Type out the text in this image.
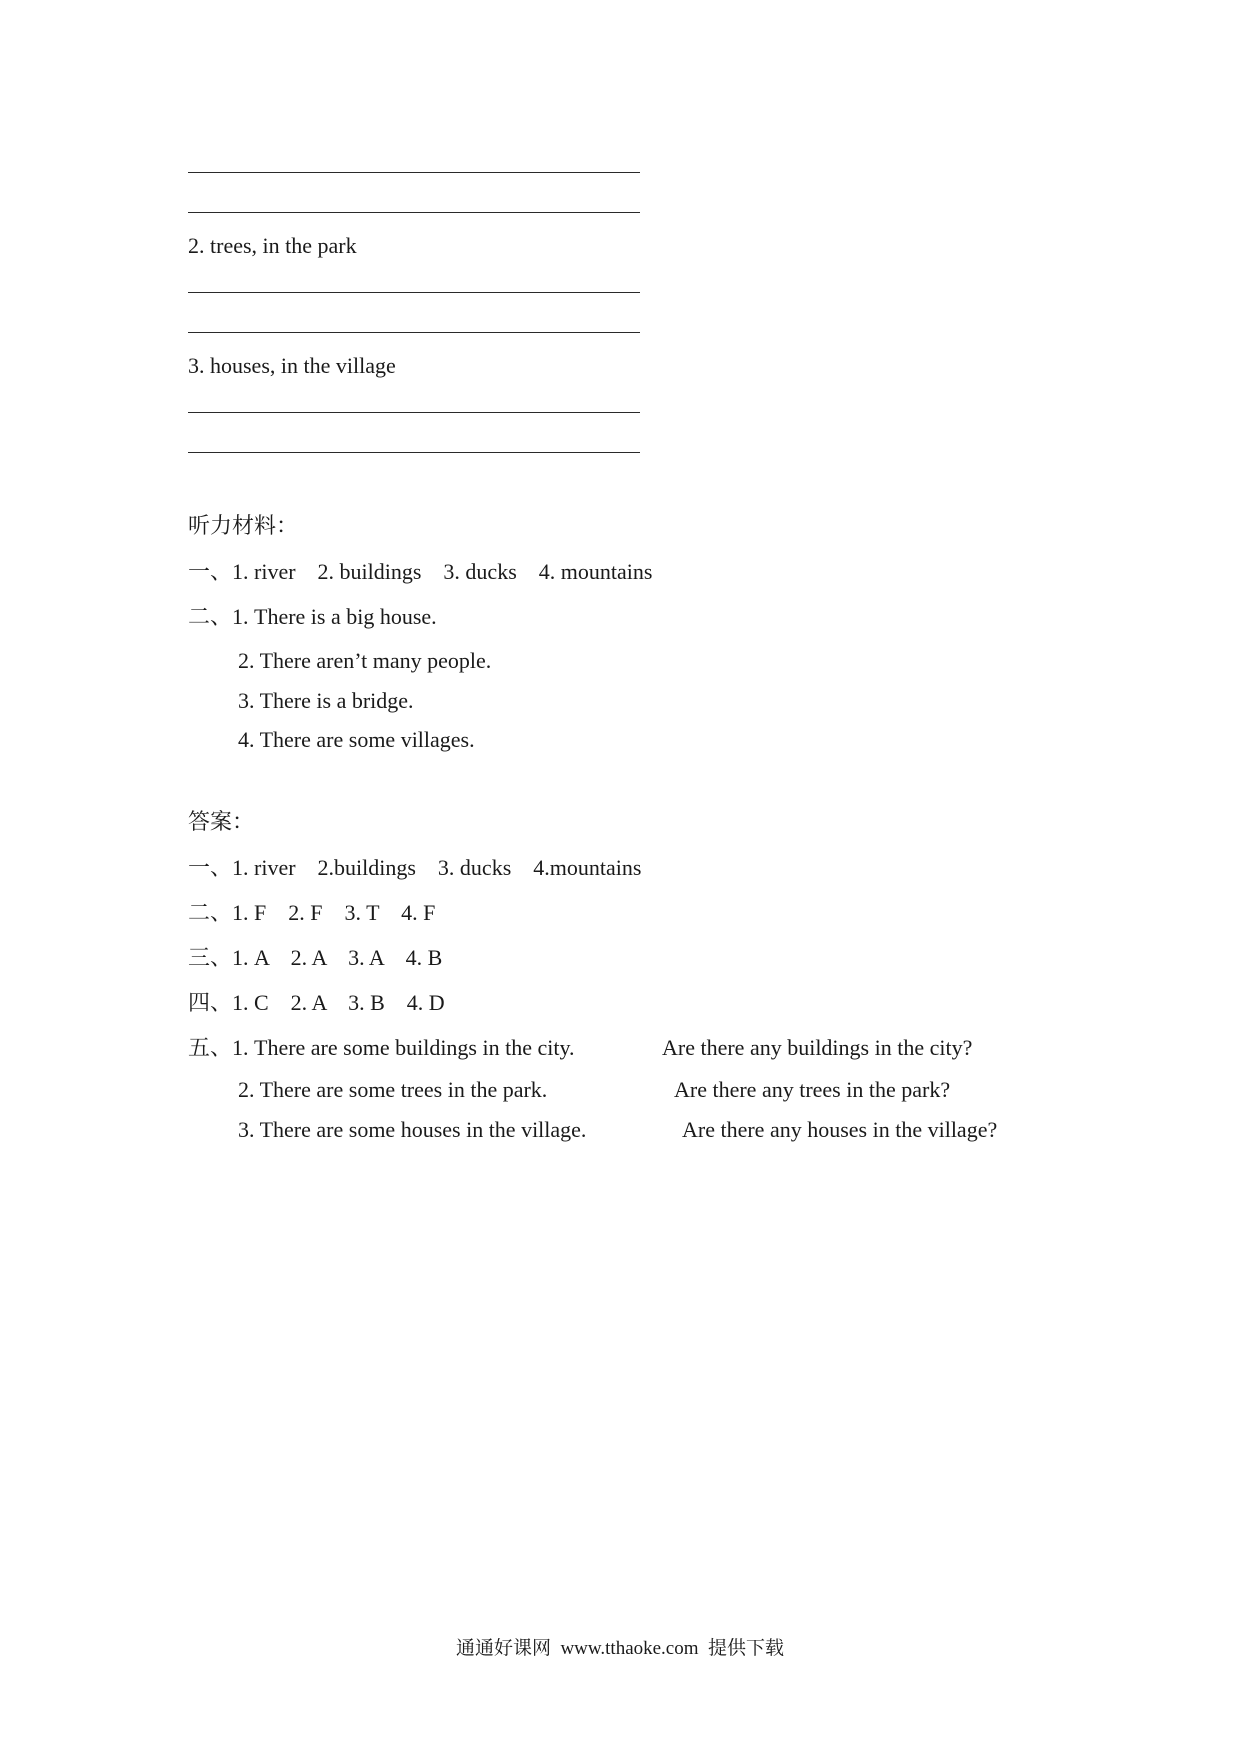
2. trees, in the park
3. houses, in the village
听力材料：
一、1. river    2. buildings    3. ducks    4. mountains
二、1. There is a big house.
2. There aren’t many people.
3. There is a bridge.
4. There are some villages.
答案：
一、1. river    2.buildings    3. ducks    4.mountains
二、1. F    2. F    3. T    4. F
三、1. A    2. A    3. A    4. B
四、1. C    2. A    3. B    4. D
五、1. There are some buildings in the city.	Are there any buildings in the city?
2. There are some trees in the park.	Are there any trees in the park?
3. There are some houses in the village.	Are there any houses in the village?
通通好课网  www.tthaoke.com  提供下载
